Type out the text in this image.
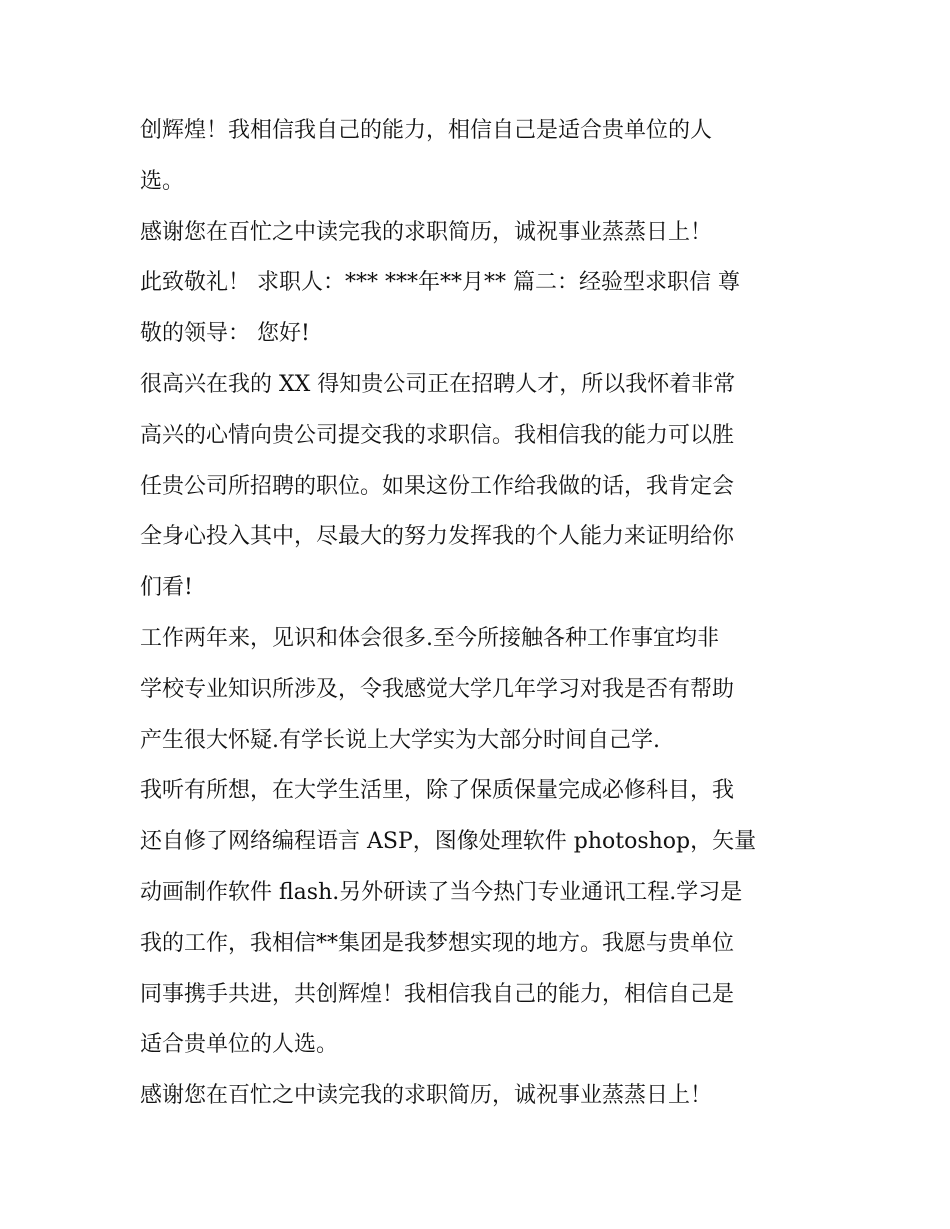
创辉煌！我相信我自己的能力，相信自己是适合贵单位的人
选。
感谢您在百忙之中读完我的求职简历，诚祝事业蒸蒸日上！
此致敬礼！ 求职人：*** ***年**月** 篇二：经验型求职信 尊
敬的领导： 您好!
很高兴在我的 XX 得知贵公司正在招聘人才，所以我怀着非常
高兴的心情向贵公司提交我的求职信。我相信我的能力可以胜
任贵公司所招聘的职位。如果这份工作给我做的话，我肯定会
全身心投入其中，尽最大的努力发挥我的个人能力来证明给你
们看!
工作两年来，见识和体会很多.至今所接触各种工作事宜均非
学校专业知识所涉及，令我感觉大学几年学习对我是否有帮助
产生很大怀疑.有学长说上大学实为大部分时间自己学.
我听有所想，在大学生活里，除了保质保量完成必修科目，我
还自修了网络编程语言 ASP，图像处理软件 photoshop，矢量
动画制作软件 flash.另外研读了当今热门专业通讯工程.学习是
我的工作，我相信**集团是我梦想实现的地方。我愿与贵单位
同事携手共进，共创辉煌！我相信我自己的能力，相信自己是
适合贵单位的人选。
感谢您在百忙之中读完我的求职简历，诚祝事业蒸蒸日上！
